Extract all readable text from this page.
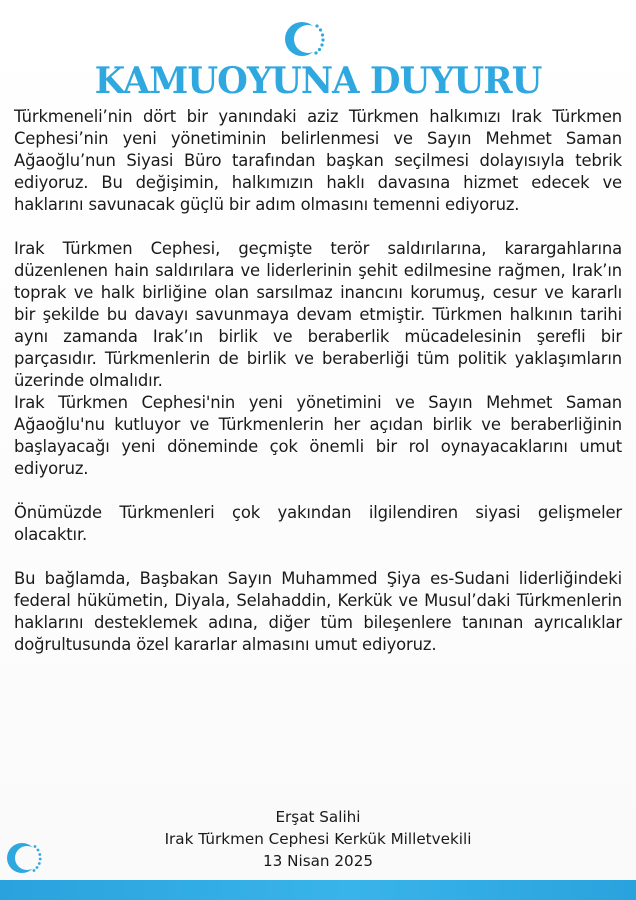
KAMUOYUNA DUYURU

Türkmeneli’nin dört bir yanındaki aziz Türkmen halkımızı Irak Türkmen Cephesi’nin yeni yönetiminin belirlenmesi ve Sayın Mehmet Saman Ağaoğlu’nun Siyasi Büro tarafından başkan seçilmesi dolayısıyla tebrik ediyoruz. Bu değişimin, halkımızın haklı davasına hizmet edecek ve haklarını savunacak güçlü bir adım olmasını temenni ediyoruz.

Irak Türkmen Cephesi, geçmişte terör saldırılarına, karargahlarına düzenlenen hain saldırılara ve liderlerinin şehit edilmesine rağmen, Irak’ın toprak ve halk birliğine olan sarsılmaz inancını korumuş, cesur ve kararlı bir şekilde bu davayı savunmaya devam etmiştir. Türkmen halkının tarihi aynı zamanda Irak’ın birlik ve beraberlik mücadelesinin şerefli bir parçasıdır. Türkmenlerin de birlik ve beraberliği tüm politik yaklaşımların üzerinde olmalıdır.

Irak Türkmen Cephesi'nin yeni yönetimini ve Sayın Mehmet Saman Ağaoğlu'nu kutluyor ve Türkmenlerin her açıdan birlik ve beraberliğinin başlayacağı yeni döneminde çok önemli bir rol oynayacaklarını umut ediyoruz.

Önümüzde Türkmenleri çok yakından ilgilendiren siyasi gelişmeler olacaktır.

Bu bağlamda, Başbakan Sayın Muhammed Şiya es-Sudani liderliğindeki federal hükümetin, Diyala, Selahaddin, Kerkük ve Musul’daki Türkmenlerin haklarını desteklemek adına, diğer tüm bileşenlere tanınan ayrıcalıklar doğrultusunda özel kararlar almasını umut ediyoruz.

Erşat Salihi
Irak Türkmen Cephesi Kerkük Milletvekili
13 Nisan 2025
